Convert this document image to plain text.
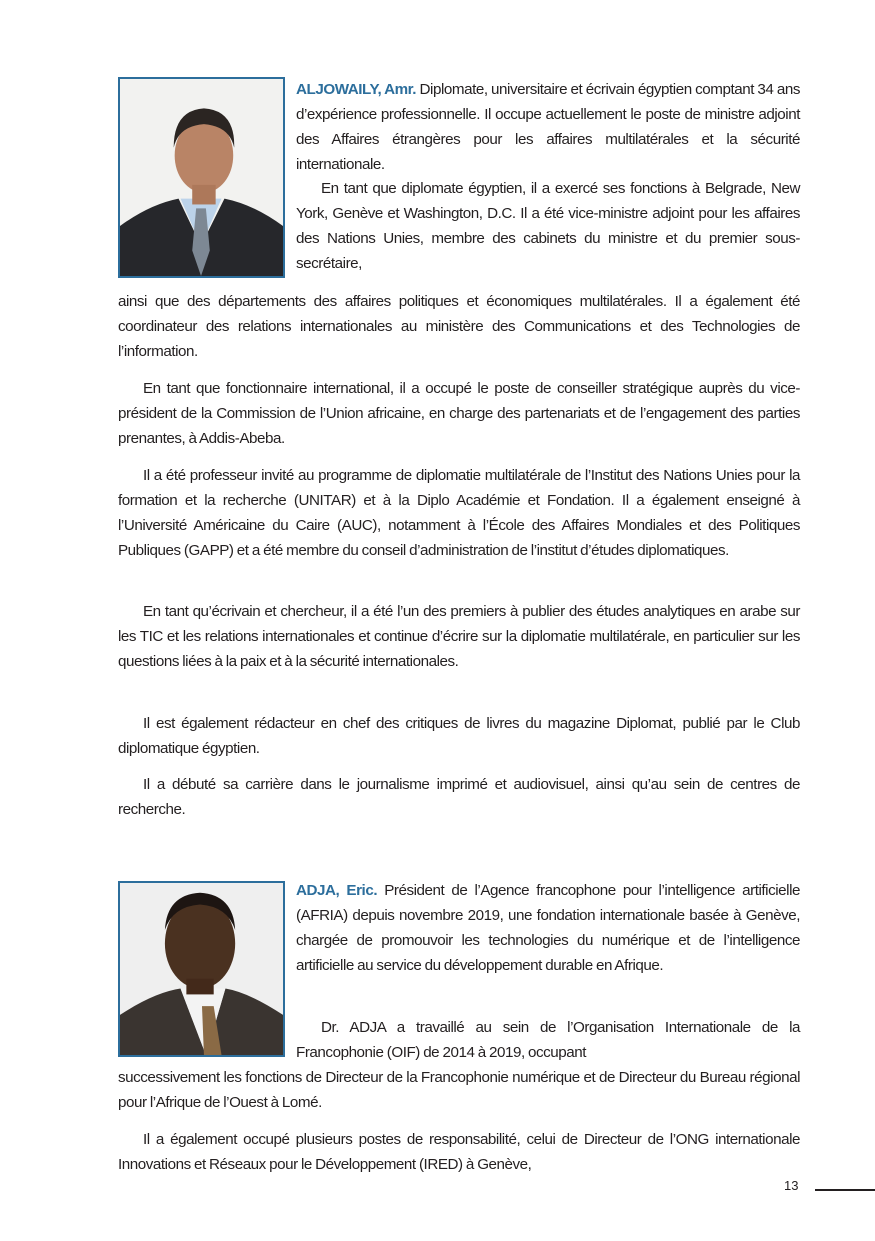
ALJOWAILY, Amr. Diplomate, universitaire et écrivain égyptien comptant 34 ans d’expérience professionnelle. Il occupe actuellement le poste de ministre adjoint des Affaires étrangères pour les affaires multilatérales et la sécurité internationale.

En tant que diplomate égyptien, il a exercé ses fonctions à Belgrade, New York, Genève et Washington, D.C. Il a été vice-ministre adjoint pour les affaires des Nations Unies, membre des cabinets du ministre et du premier sous-secrétaire,

ainsi que des départements des affaires politiques et économiques multilatérales. Il a également été coordinateur des relations internationales au ministère des Communications et des Technologies de l’information.

En tant que fonctionnaire international, il a occupé le poste de conseiller stratégique auprès du vice-président de la Commission de l’Union africaine, en charge des partenariats et de l’engagement des parties prenantes, à Addis-Abeba.

Il a été professeur invité au programme de diplomatie multilatérale de l’Institut des Nations Unies pour la formation et la recherche (UNITAR) et à la Diplo Académie et Fondation. Il a également enseigné à l’Université Américaine du Caire (AUC), notamment à l’École des Affaires Mondiales et des Politiques Publiques (GAPP) et a été membre du conseil d’administration de l’institut d’études diplomatiques.

En tant qu’écrivain et chercheur, il a été l’un des premiers à publier des études analytiques en arabe sur les TIC et les relations internationales et continue d’écrire sur la diplomatie multilatérale, en particulier sur les questions liées à la paix et à la sécurité internationales.

Il est également rédacteur en chef des critiques de livres du magazine Diplomat, publié par le Club diplomatique égyptien.

Il a débuté sa carrière dans le journalisme imprimé et audiovisuel, ainsi qu’au sein de centres de recherche.

ADJA, Eric. Président de l’Agence francophone pour l’intelligence artificielle (AFRIA) depuis novembre 2019, une fondation internationale basée à Genève, chargée de promouvoir les technologies du numérique et de l’intelligence artificielle au service du développement durable en Afrique.

Dr. ADJA a travaillé au sein de l’Organisation Internationale de la Francophonie (OIF) de 2014 à 2019, occupant

successivement les fonctions de Directeur de la Francophonie numérique et de Directeur du Bureau régional pour l’Afrique de l’Ouest à Lomé.

Il a également occupé plusieurs postes de responsabilité, celui de Directeur de l’ONG internationale Innovations et Réseaux pour le Développement (IRED) à Genève,

13
